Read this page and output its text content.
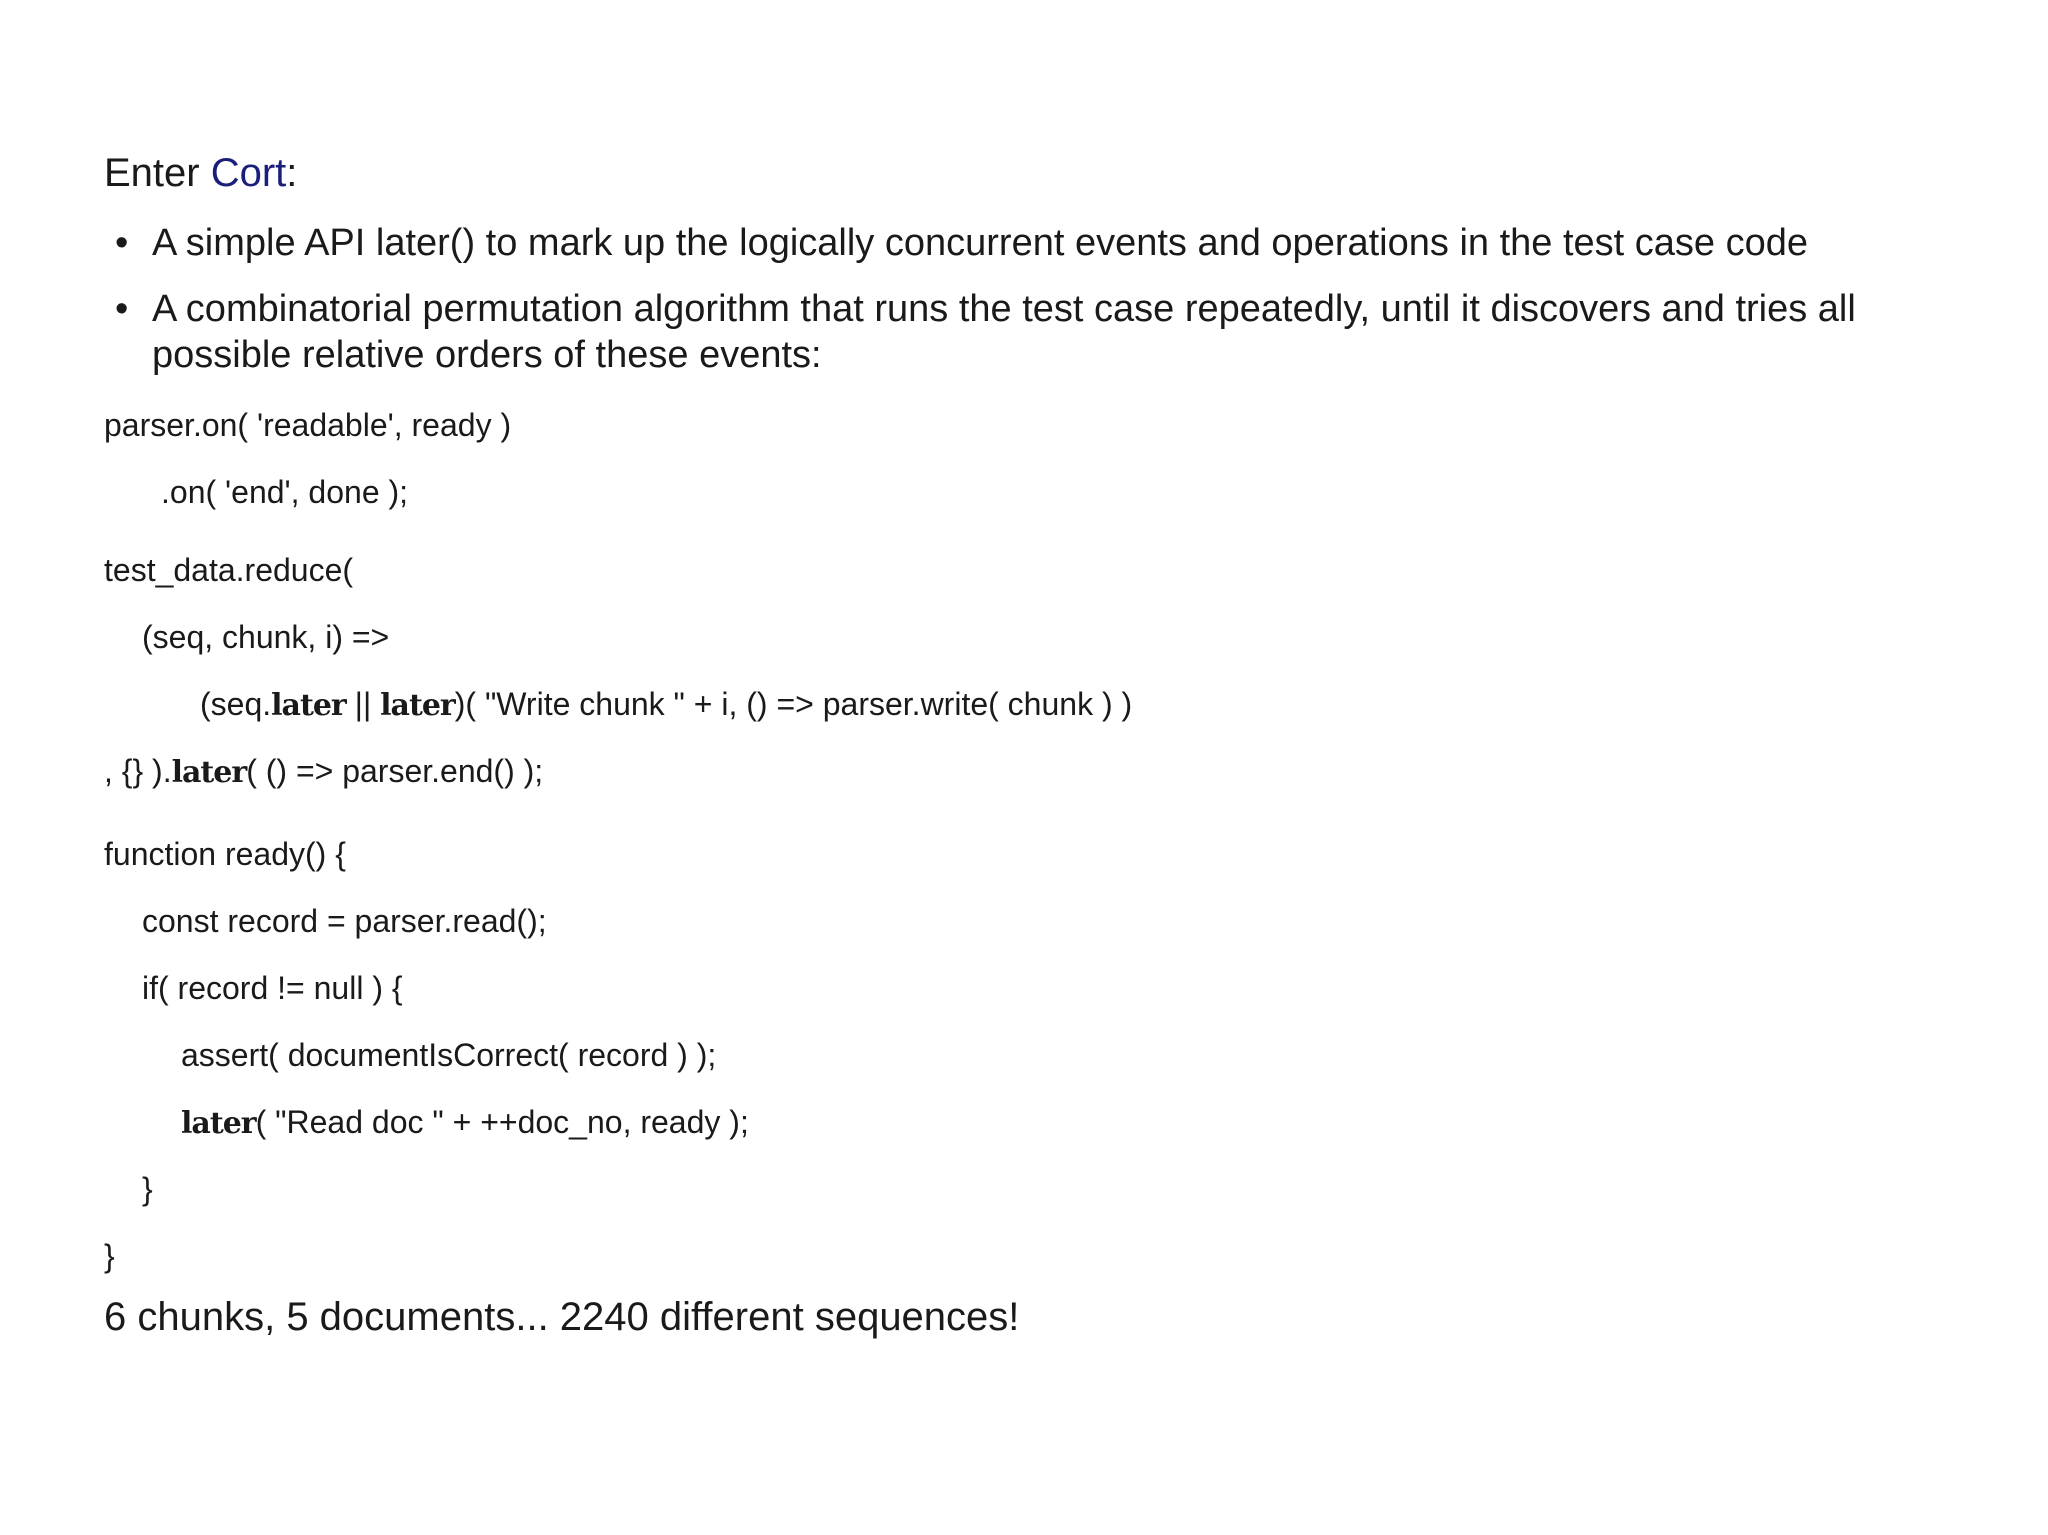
Enter Cort:
• A simple API later() to mark up the logically concurrent events and operations in the test case code
• A combinatorial permutation algorithm that runs the test case repeatedly, until it discovers and tries all possible relative orders of these events:
parser.on( 'readable', ready )
.on( 'end', done );
test_data.reduce(
(seq, chunk, i) =>
(seq.later || later)( "Write chunk " + i, () => parser.write( chunk ) )
, {} ).later( () => parser.end() );
function ready() {
const record = parser.read();
if( record != null ) {
assert( documentIsCorrect( record ) );
later( "Read doc " + ++doc_no, ready );
}
}
6 chunks, 5 documents... 2240 different sequences!
